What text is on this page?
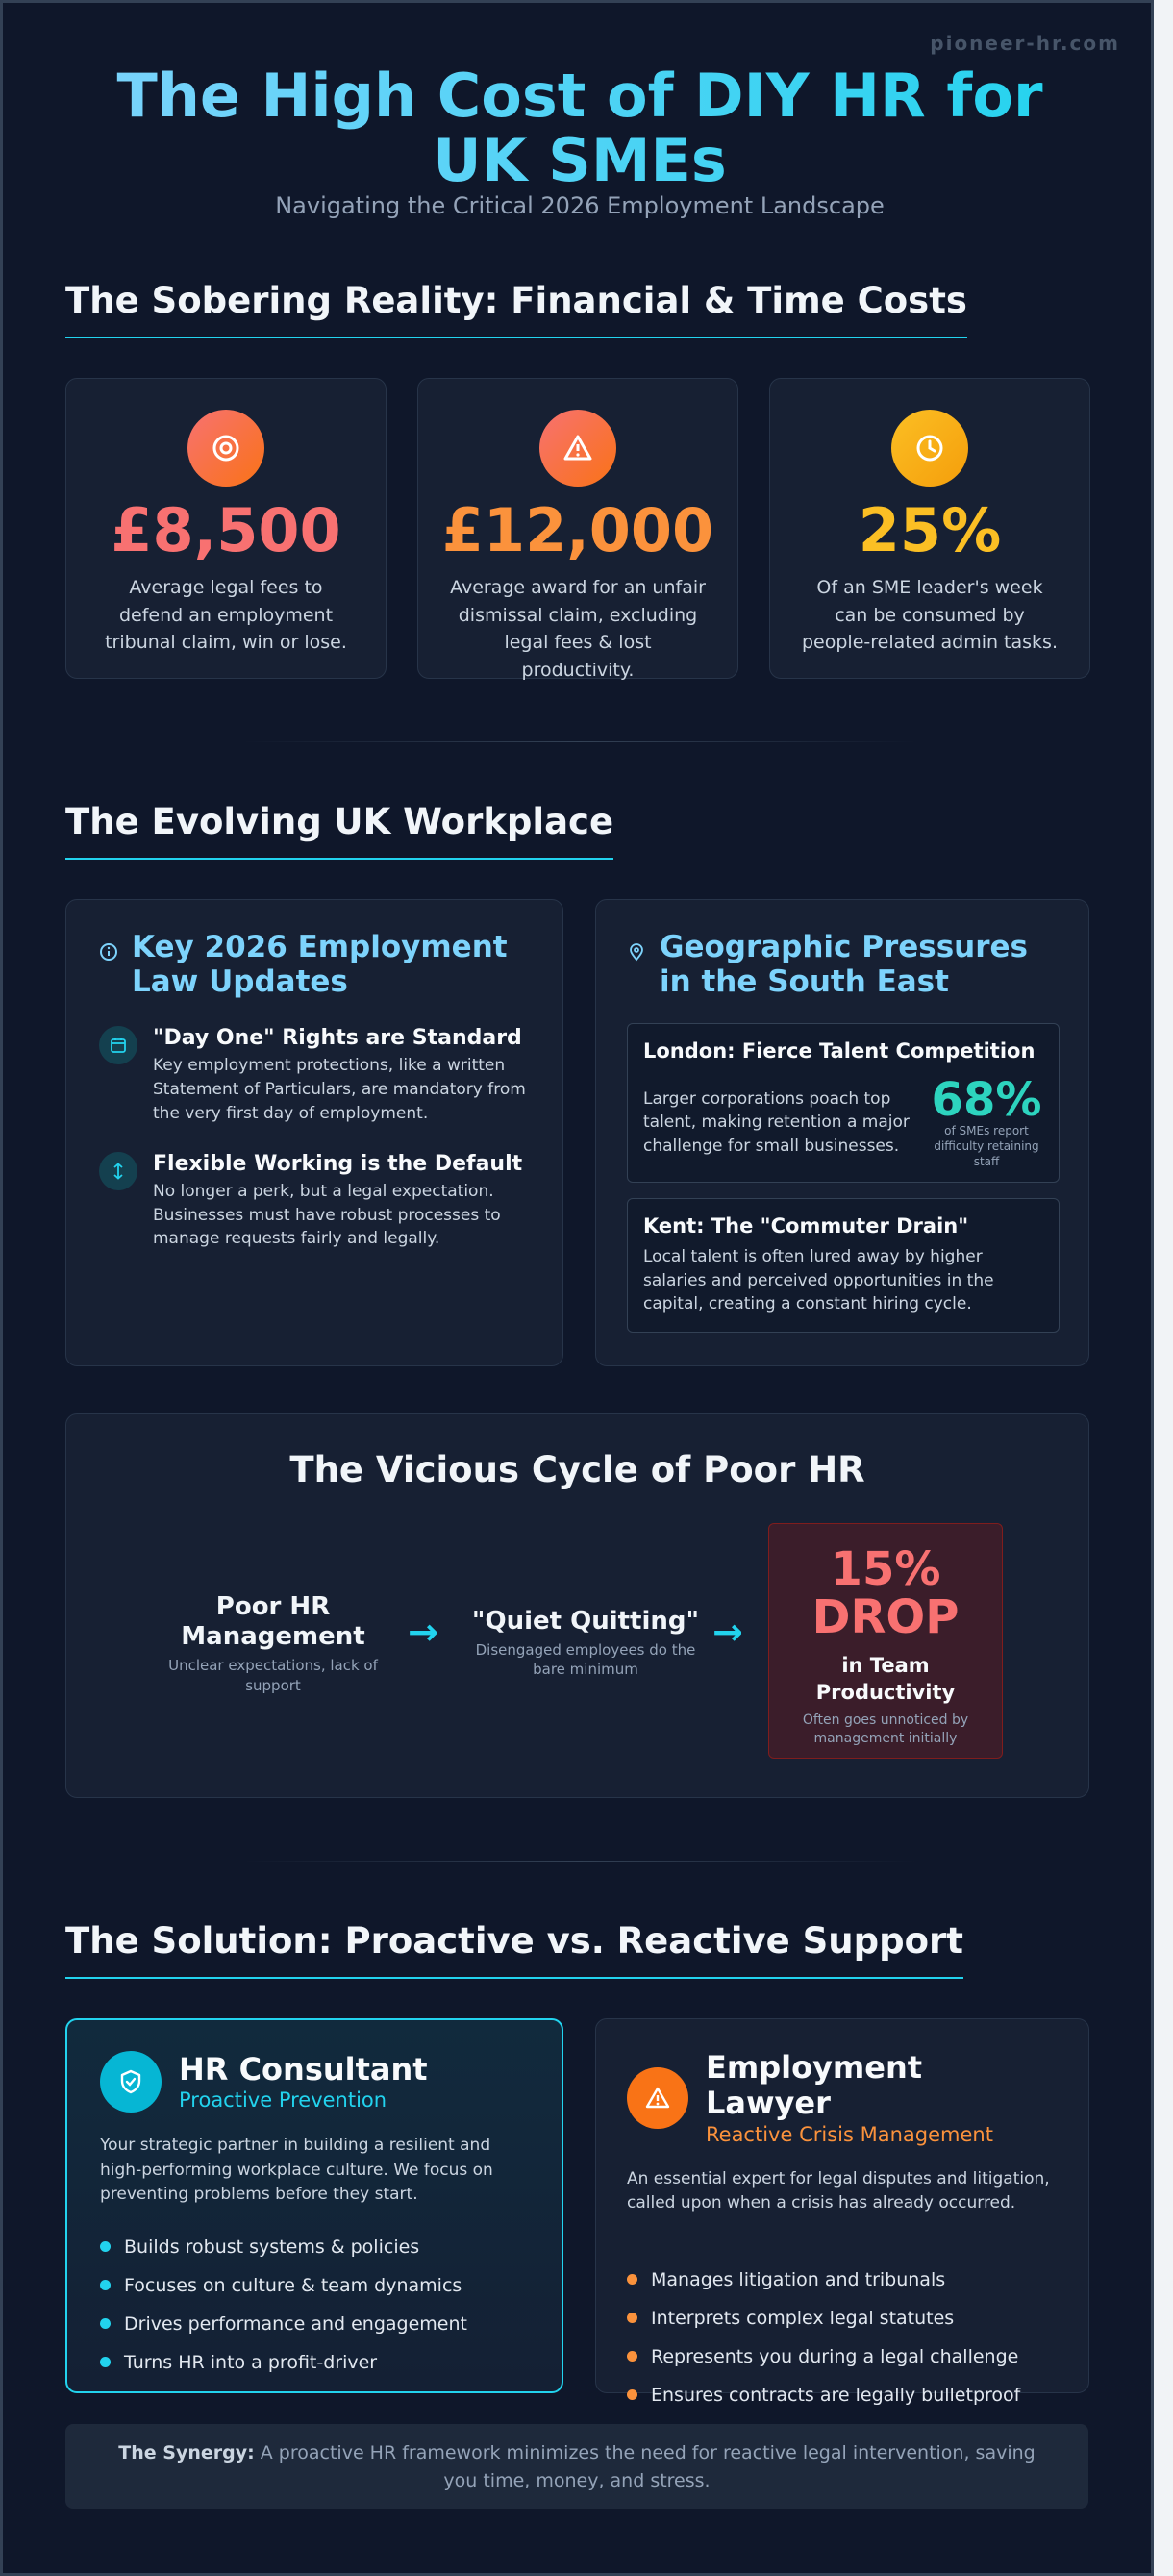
pioneer-hr.com
The High Cost of DIY HR for UK SMEs
Navigating the Critical 2026 Employment Landscape
The Sobering Reality: Financial & Time Costs
£8,500
Average legal fees to defend an employment tribunal claim, win or lose.
£12,000
Average award for an unfair dismissal claim, excluding legal fees & lost productivity.
25%
Of an SME leader's week can be consumed by people-related admin tasks.
The Evolving UK Workplace
Key 2026 Employment Law Updates
"Day One" Rights are Standard
Key employment protections, like a written Statement of Particulars, are mandatory from the very first day of employment.
Flexible Working is the Default
No longer a perk, but a legal expectation. Businesses must have robust processes to manage requests fairly and legally.
Geographic Pressures in the South East
London: Fierce Talent Competition
Larger corporations poach top talent, making retention a major challenge for small businesses.
68%
of SMEs report difficulty retaining staff
Kent: The "Commuter Drain"
Local talent is often lured away by higher salaries and perceived opportunities in the capital, creating a constant hiring cycle.
The Vicious Cycle of Poor HR
Poor HR Management
Unclear expectations, lack of support
→ "Quiet Quitting"
Disengaged employees do the bare minimum
→
15% DROP
in Team Productivity
Often goes unnoticed by management initially
The Solution: Proactive vs. Reactive Support
HR Consultant
Proactive Prevention
Your strategic partner in building a resilient and high-performing workplace culture. We focus on preventing problems before they start.
Builds robust systems & policies
Focuses on culture & team dynamics
Drives performance and engagement
Turns HR into a profit-driver
Employment Lawyer
Reactive Crisis Management
An essential expert for legal disputes and litigation, called upon when a crisis has already occurred.
Manages litigation and tribunals
Interprets complex legal statutes
Represents you during a legal challenge
Ensures contracts are legally bulletproof
The Synergy: A proactive HR framework minimizes the need for reactive legal intervention, saving you time, money, and stress.
